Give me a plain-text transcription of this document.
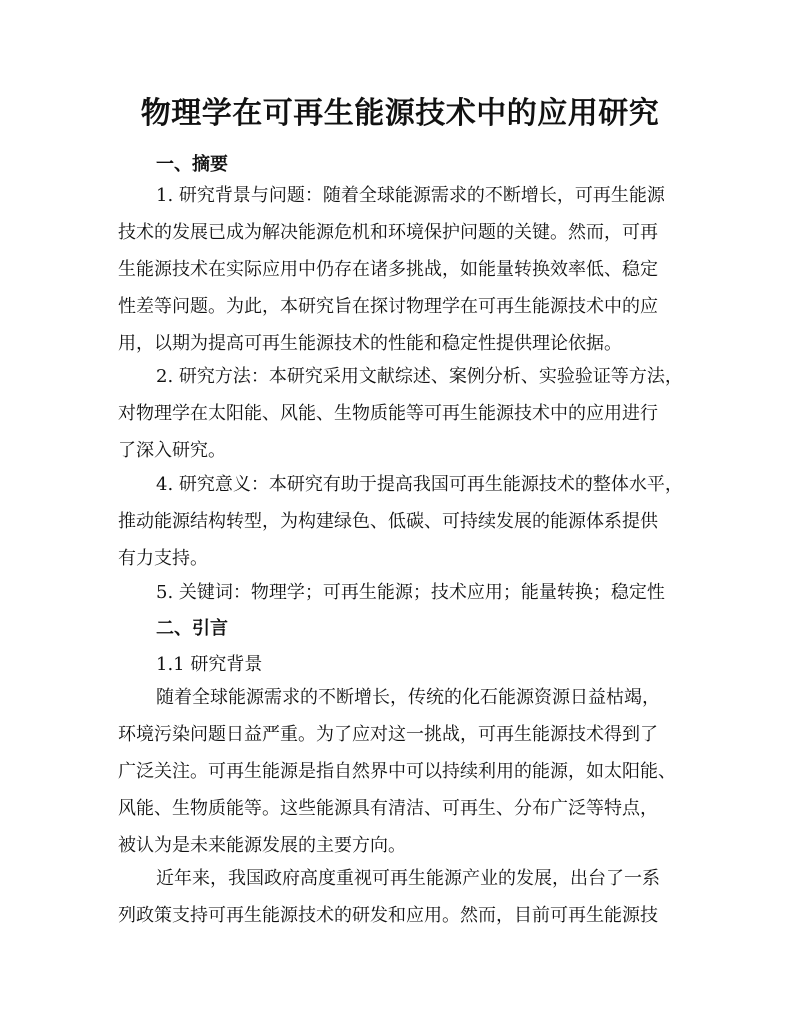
物理学在可再生能源技术中的应用研究
一、摘要
1. 研究背景与问题：随着全球能源需求的不断增长，可再生能源
技术的发展已成为解决能源危机和环境保护问题的关键。然而，可再
生能源技术在实际应用中仍存在诸多挑战，如能量转换效率低、稳定
性差等问题。为此，本研究旨在探讨物理学在可再生能源技术中的应
用，以期为提高可再生能源技术的性能和稳定性提供理论依据。
2. 研究方法：本研究采用文献综述、案例分析、实验验证等方法，
对物理学在太阳能、风能、生物质能等可再生能源技术中的应用进行
了深入研究。
4. 研究意义：本研究有助于提高我国可再生能源技术的整体水平，
推动能源结构转型，为构建绿色、低碳、可持续发展的能源体系提供
有力支持。
5. 关键词：物理学；可再生能源；技术应用；能量转换；稳定性
二、引言
1.1 研究背景
随着全球能源需求的不断增长，传统的化石能源资源日益枯竭，
环境污染问题日益严重。为了应对这一挑战，可再生能源技术得到了
广泛关注。可再生能源是指自然界中可以持续利用的能源，如太阳能、
风能、生物质能等。这些能源具有清洁、可再生、分布广泛等特点，
被认为是未来能源发展的主要方向。
近年来，我国政府高度重视可再生能源产业的发展，出台了一系
列政策支持可再生能源技术的研发和应用。然而，目前可再生能源技
